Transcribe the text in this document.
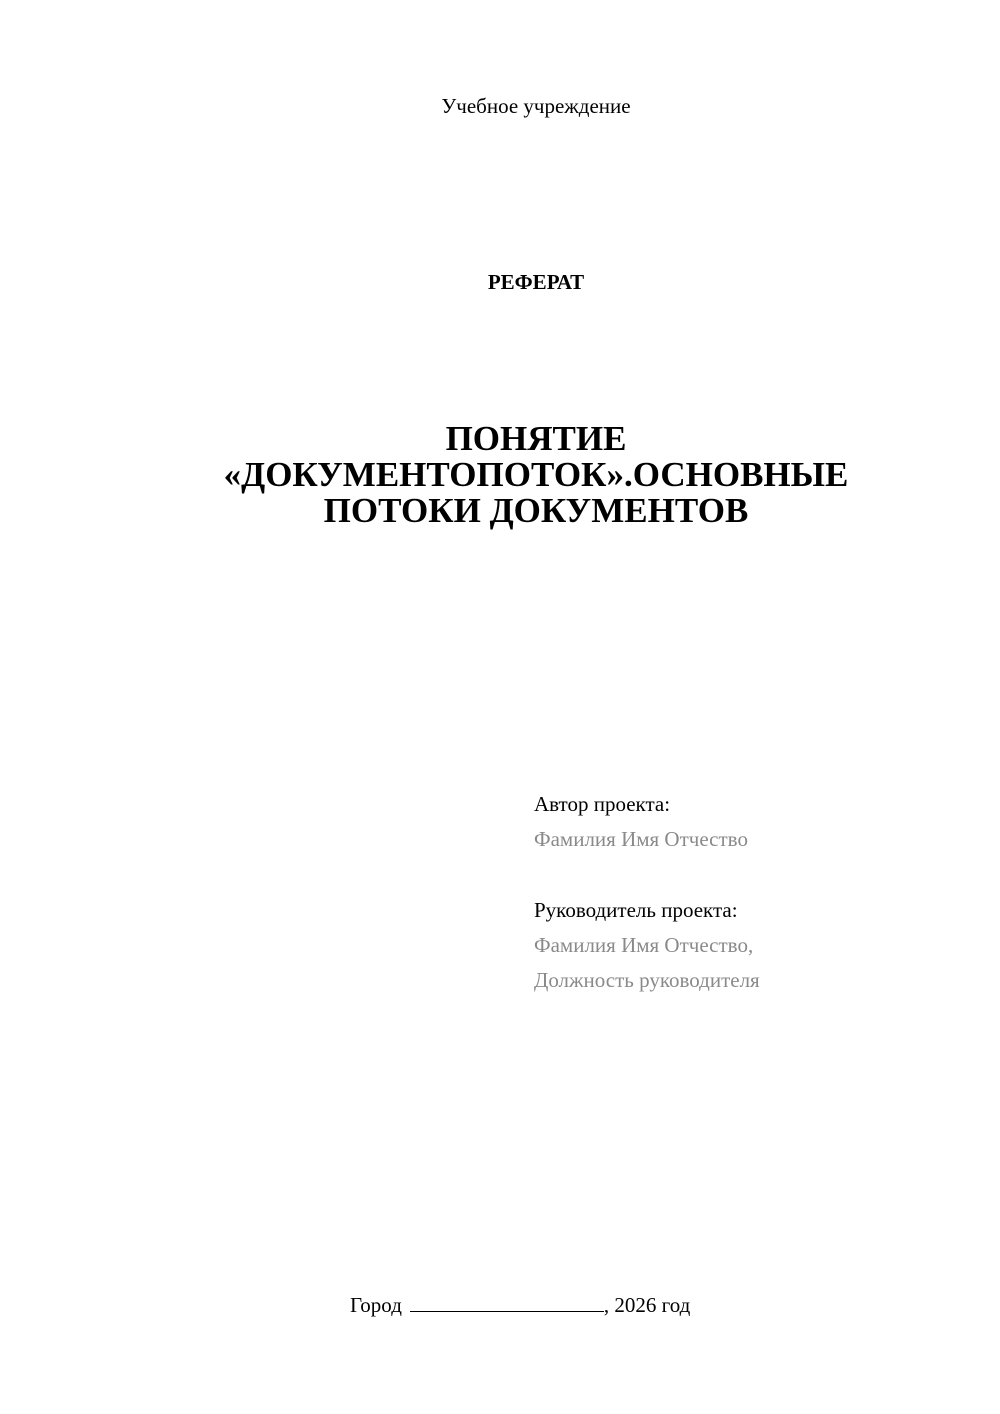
Учебное учреждение
РЕФЕРАТ
ПОНЯТИЕ
«ДОКУМЕНТОПОТОК».ОСНОВНЫЕ
ПОТОКИ ДОКУМЕНТОВ
Автор проекта:
Фамилия Имя Отчество
Руководитель проекта:
Фамилия Имя Отчество,
Должность руководителя
Город	, 2026 год
